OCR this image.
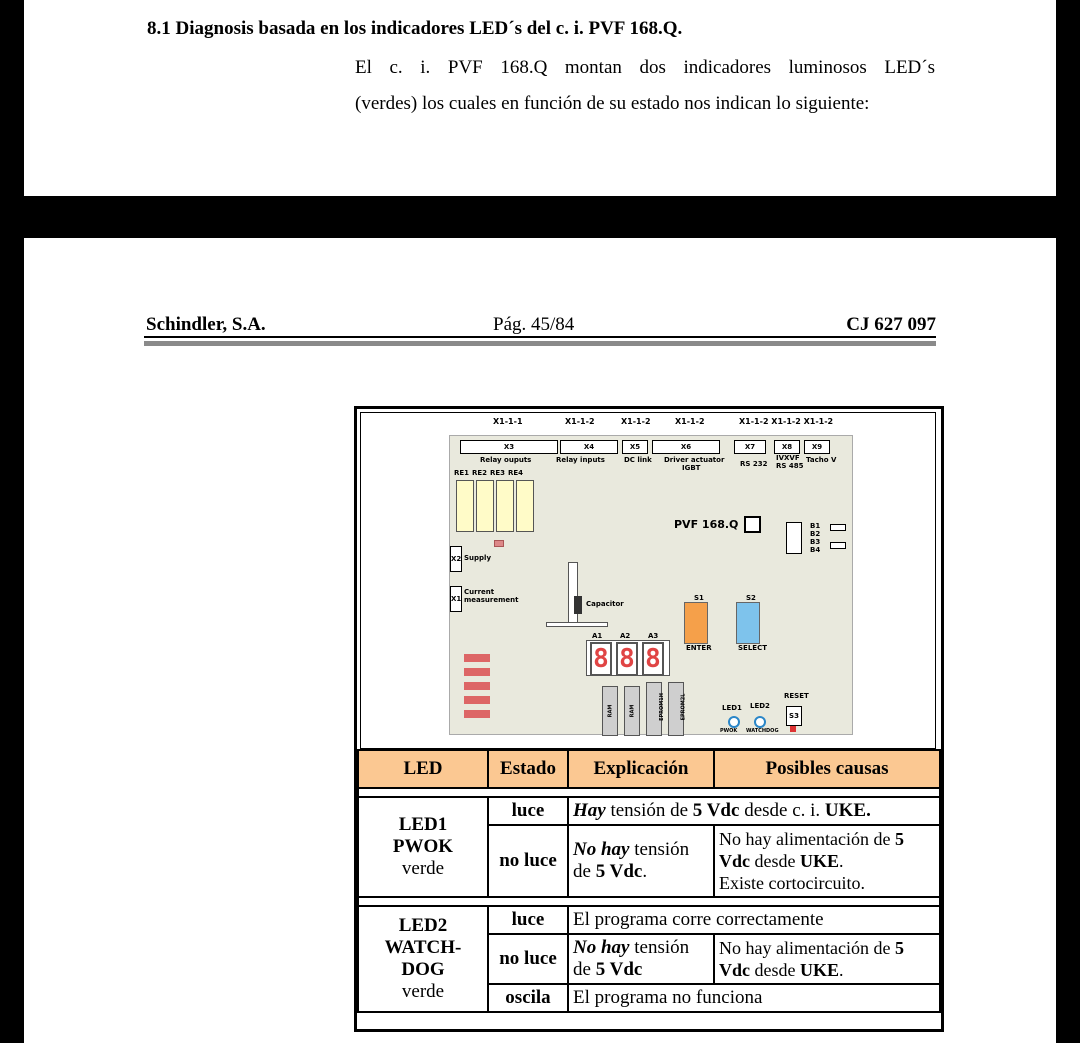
8.1 Diagnosis basada en los indicadores LED´s del c. i. PVF 168.Q.
El c. i. PVF 168.Q montan dos indicadores luminosos LED´s
(verdes) los cuales en función de su estado nos indican lo siguiente:
Schindler, S.A.	Pág. 45/84	CJ 627 097
X1-1-1	X1-1-2	X1-1-2	X1-1-2	X1-1-2 X1-1-2 X1-1-2
X3	X4	X5	X6	X7	X8	X9
Relay ouputs	Relay inputs	DC link Driver actuator
IGBT	RS 232
IVXVF
RS 485
Tacho V
RE1 RE2 RE3 RE4
PVF 168.Q	B1
B2
B3
B4
X2 Supply
X1
Current
measurement	Capacitor
S1	S2
ENTER	SELECT
A1	A2	A3
8 8 8
RAM	RAM	EPROM1H	EPROM2L	LED1 LED2
PWOK WATCHDOG
RESET
S3
LED	Estado	Explicación	Posibles causas

LED1
PWOK
verde	luce	Hay tensión de 5 Vdc desde c. i. UKE.	
	no luce	No hay tensión de 5 Vdc.	No hay alimentación de 5 Vdc desde UKE.
Existe cortocircuito.

LED2
WATCH-
DOG
verde	luce	El programa corre correctamente	
	no luce	No hay tensión de 5 Vdc	No hay alimentación de 5 Vdc desde UKE.
	oscila	El programa no funciona	
